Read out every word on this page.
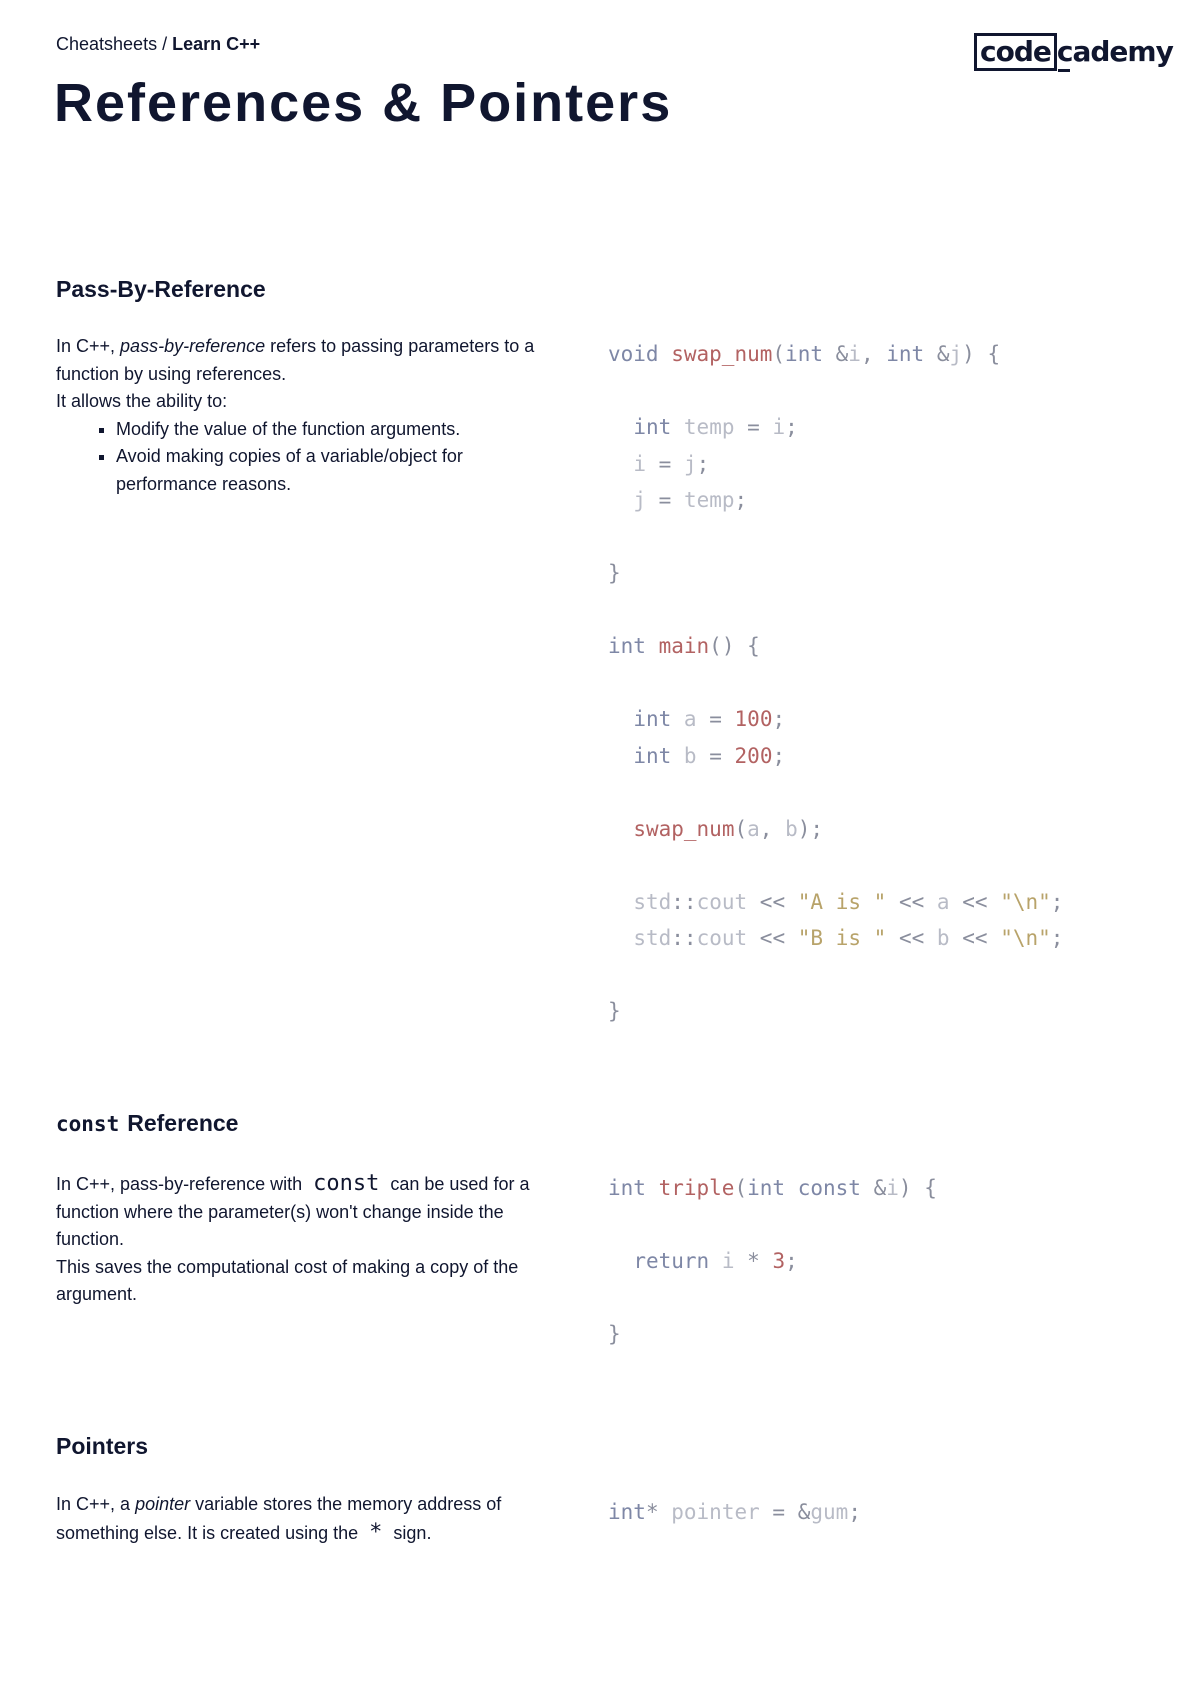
Cheatsheets / Learn C++	code cademy
References & Pointers
Pass-By-Reference

In C++, pass-by-reference refers to passing parameters to a function by using references.

It allows the ability to:

▪ Modify the value of the function arguments.
▪ Avoid making copies of a variable/object for performance reasons.
void swap_num(int &i, int &j) {

int temp = i;
i = j;
j = temp;

}

int main() {

int a = 100;
int b = 200;

swap_num(a, b);

std::cout << "A is " << a << "\n";
std::cout << "B is " << b << "\n";

}
const Reference

In C++, pass-by-reference with const can be used for a function where the parameter(s) won't change inside the function.

This saves the computational cost of making a copy of the argument.

int triple(int const &i) {

return i * 3;

}
Pointers

In C++, a pointer variable stores the memory address of something else. It is created using the * sign.

int* pointer = &gum;
